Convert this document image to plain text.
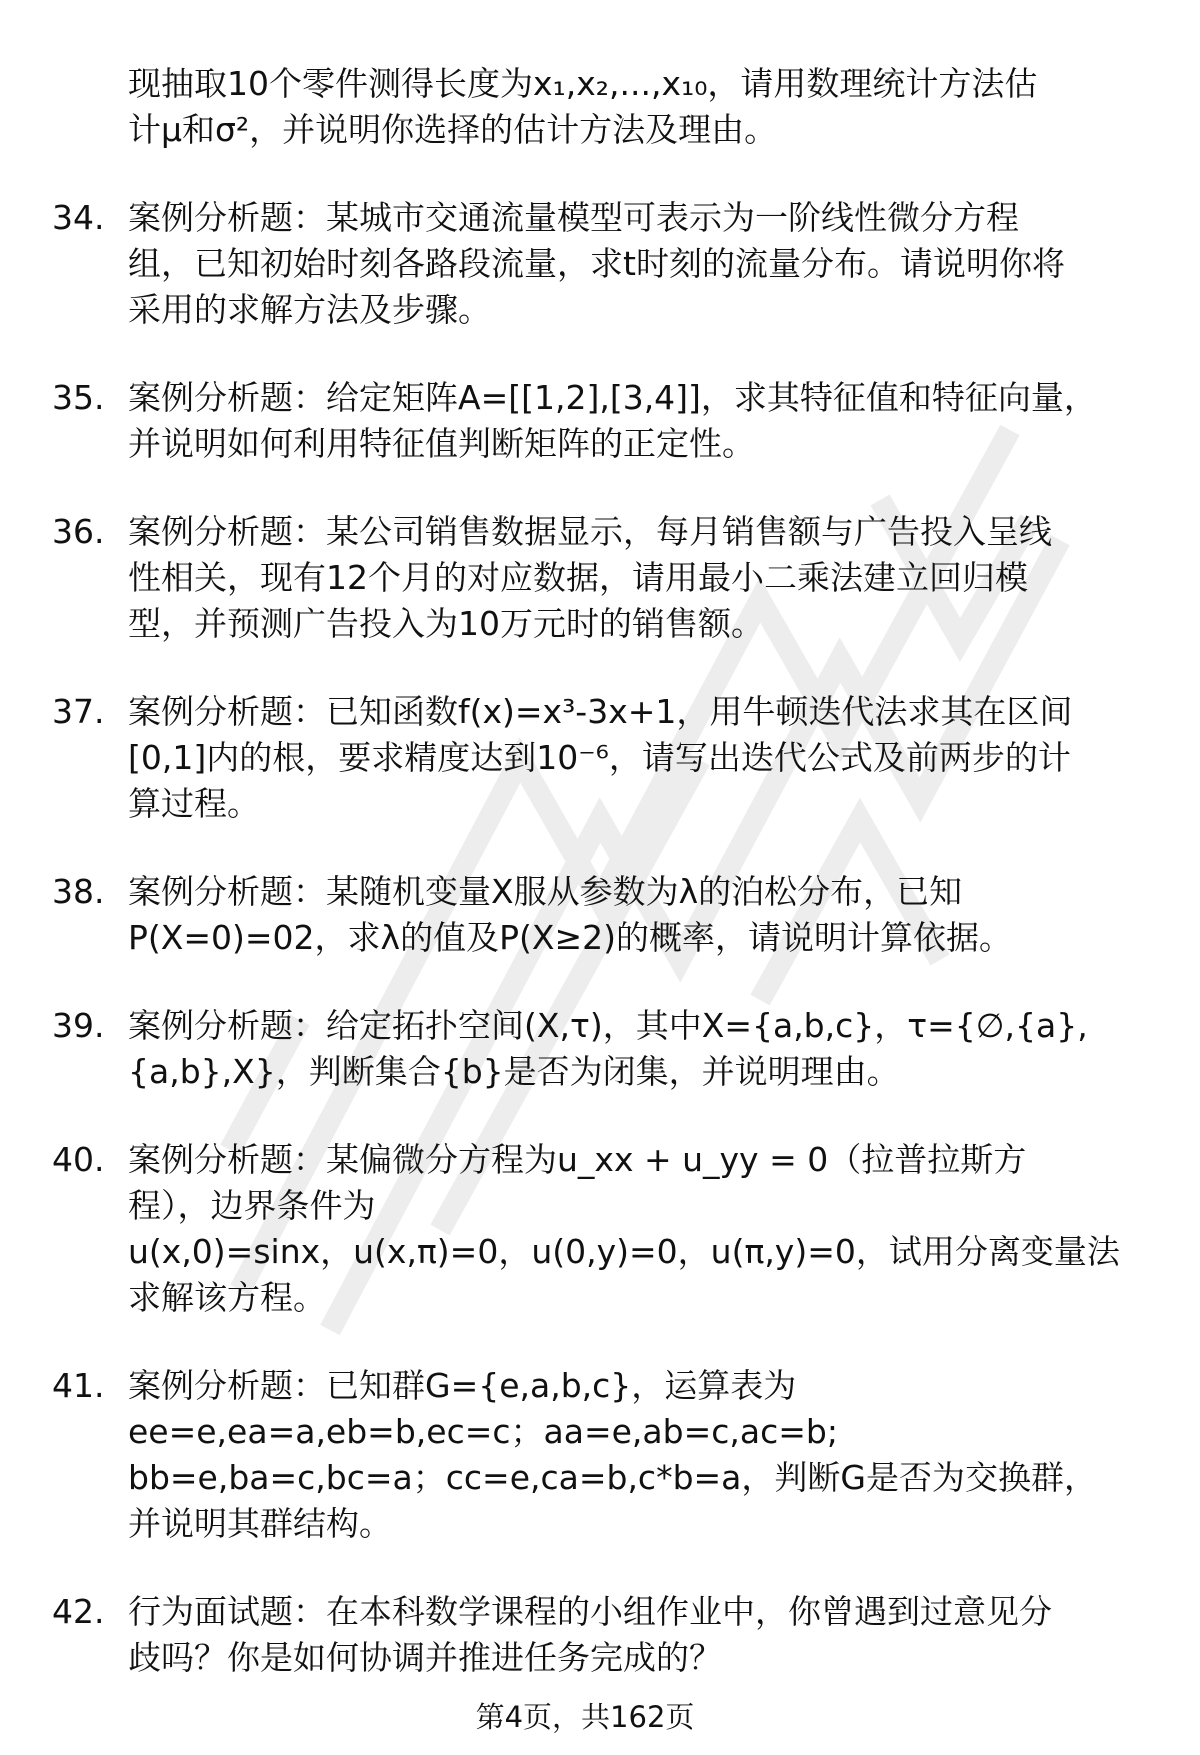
现抽取10个零件测得长度为x₁,x₂,...,x₁₀，请用数理统计方法估
计μ和σ²，并说明你选择的估计方法及理由。
34. 案例分析题：某城市交通流量模型可表示为一阶线性微分方程
组，已知初始时刻各路段流量，求t时刻的流量分布。请说明你将
采用的求解方法及步骤。
35. 案例分析题：给定矩阵A=[[1,2],[3,4]]，求其特征值和特征向量，
并说明如何利用特征值判断矩阵的正定性。
36. 案例分析题：某公司销售数据显示，每月销售额与广告投入呈线
性相关，现有12个月的对应数据，请用最小二乘法建立回归模
型，并预测广告投入为10万元时的销售额。
37. 案例分析题：已知函数f(x)=x³-3x+1，用牛顿迭代法求其在区间
[0,1]内的根，要求精度达到10⁻⁶，请写出迭代公式及前两步的计
算过程。
38. 案例分析题：某随机变量X服从参数为λ的泊松分布，已知
P(X=0)=02，求λ的值及P(X≥2)的概率，请说明计算依据。
39. 案例分析题：给定拓扑空间(X,τ)，其中X={a,b,c}，τ={∅,{a},
{a,b},X}，判断集合{b}是否为闭集，并说明理由。
40. 案例分析题：某偏微分方程为u_xx + u_yy = 0（拉普拉斯方
程），边界条件为
u(x,0)=sinx，u(x,π)=0，u(0,y)=0，u(π,y)=0，试用分离变量法
求解该方程。
41. 案例分析题：已知群G={e,a,b,c}，运算表为
ee=e,ea=a,eb=b,ec=c；aa=e,ab=c,ac=b;
bb=e,ba=c,bc=a；cc=e,ca=b,c*b=a，判断G是否为交换群，
并说明其群结构。
42. 行为面试题：在本科数学课程的小组作业中，你曾遇到过意见分
歧吗？你是如何协调并推进任务完成的？
第4页，共162页
